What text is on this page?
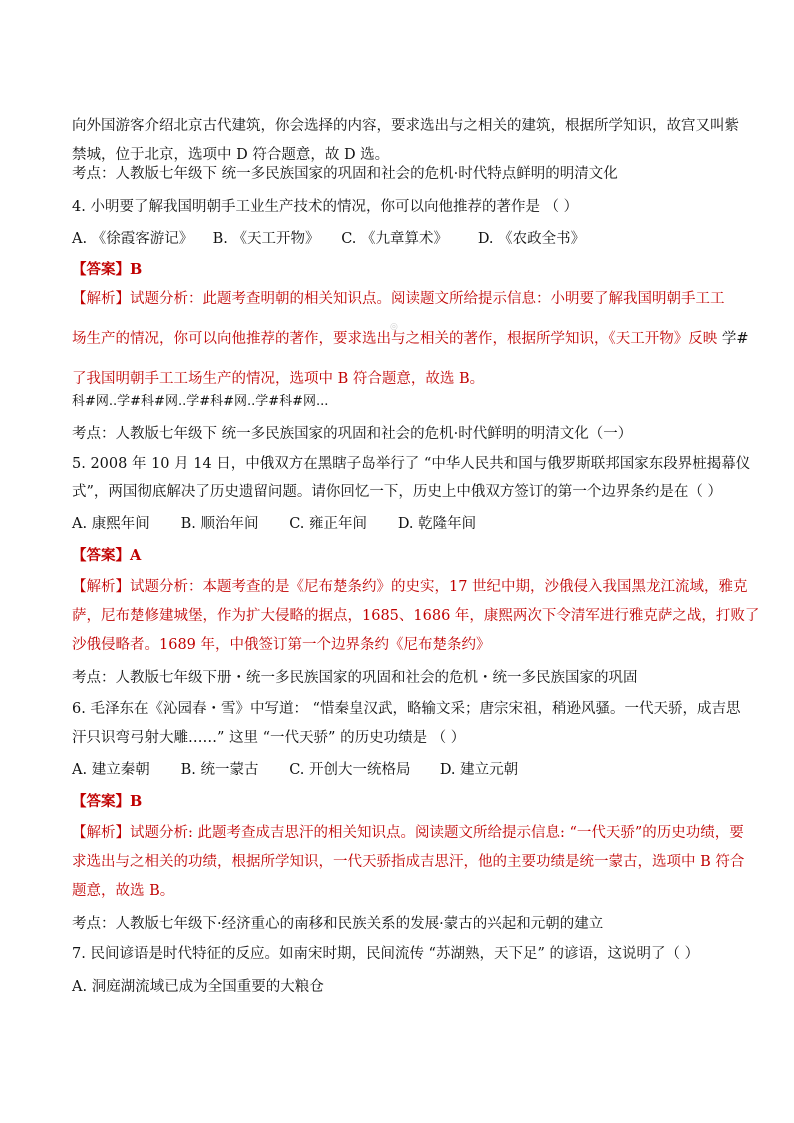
向外国游客介绍北京古代建筑，你会选择的内容，要求选出与之相关的建筑，根据所学知识，故宫又叫紫
禁城，位于北京，选项中 D 符合题意，故 D 选。
考点：人教版七年级下 统一多民族国家的巩固和社会的危机·时代特点鲜明的明清文化
4. 小明要了解我国明朝手工业生产技术的情况，你可以向他推荐的著作是 （ ）
A. 《徐霞客游记》 B. 《天工开物》 C. 《九章算术》 D. 《农政全书》
【答案】B
【解析】试题分析：此题考查明朝的相关知识点。阅读题文所给提示信息：小明要了解我国明朝手工工
场生产的情况，你可以向他推荐的著作，要求选出与之相关的著作，根据所学知识，《天工开物》反映 学#
◎
了我国明朝手工工场生产的情况，选项中 B 符合题意，故选 B。
科#网..学#科#网..学#科#网..学#科#网...
考点：人教版七年级下 统一多民族国家的巩固和社会的危机·时代鲜明的明清文化（一）
5. 2008 年 10 月 14 日，中俄双方在黑瞎子岛举行了 “中华人民共和国与俄罗斯联邦国家东段界桩揭幕仪
式”，两国彻底解决了历史遗留问题。请你回忆一下，历史上中俄双方签订的第一个边界条约是在（ ）
A. 康熙年间 B. 顺治年间 C. 雍正年间 D. 乾隆年间
【答案】A
【解析】试题分析：本题考查的是《尼布楚条约》的史实，17 世纪中期，沙俄侵入我国黑龙江流域，雅克
萨，尼布楚修建城堡，作为扩大侵略的据点，1685、1686 年，康熙两次下令清军进行雅克萨之战，打败了
沙俄侵略者。1689 年，中俄签订第一个边界条约《尼布楚条约》
考点：人教版七年级下册・统一多民族国家的巩固和社会的危机・统一多民族国家的巩固
6. 毛泽东在《沁园春・雪》中写道： “惜秦皇汉武，略输文采；唐宗宋祖，稍逊风骚。一代天骄，成吉思
汗只识弯弓射大雕……” 这里 “一代天骄” 的历史功绩是 （ ）
A. 建立秦朝 B. 统一蒙古 C. 开创大一统格局 D. 建立元朝
【答案】B
【解析】试题分析: 此题考查成吉思汗的相关知识点。阅读题文所给提示信息: “一代天骄”的历史功绩，要
求选出与之相关的功绩，根据所学知识，一代天骄指成吉思汗，他的主要功绩是统一蒙古，选项中 B 符合
题意，故选 B。
考点：人教版七年级下·经济重心的南移和民族关系的发展·蒙古的兴起和元朝的建立
7. 民间谚语是时代特征的反应。如南宋时期，民间流传 “苏湖熟，天下足” 的谚语，这说明了（ ）
A. 洞庭湖流域已成为全国重要的大粮仓
